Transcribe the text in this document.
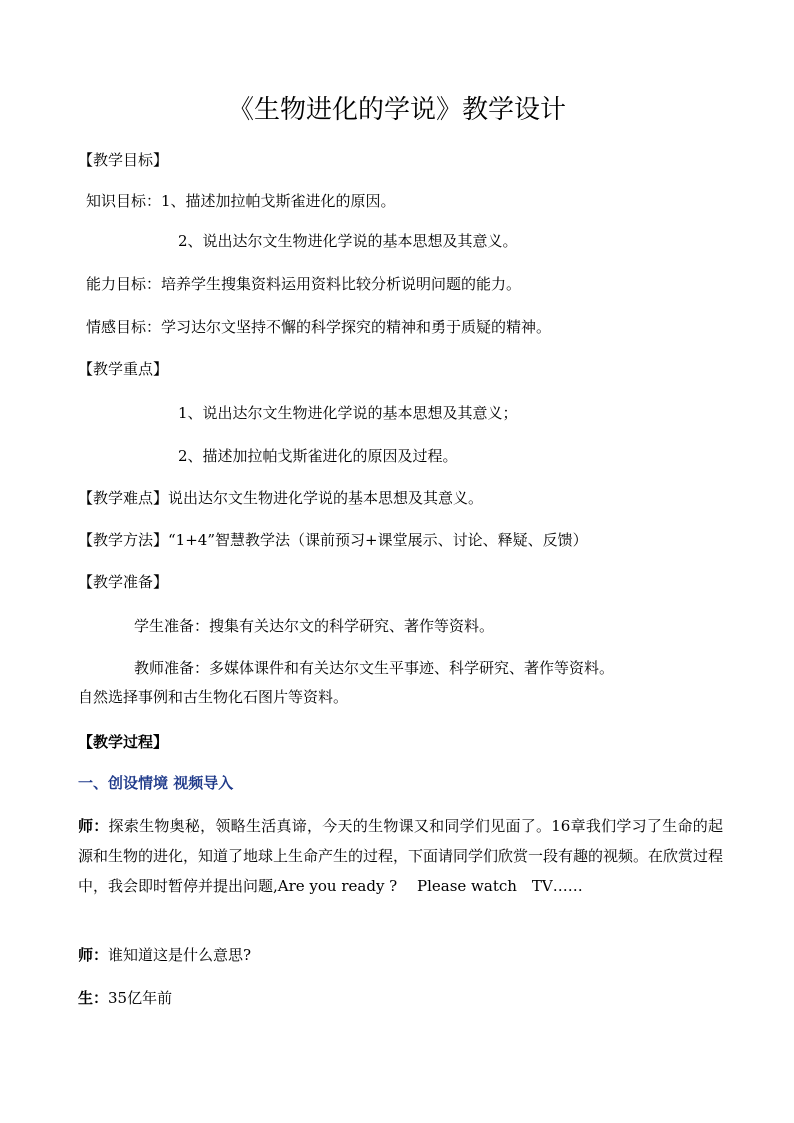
《生物进化的学说》教学设计
【教学目标】
知识目标：1、描述加拉帕戈斯雀进化的原因。
2、说出达尔文生物进化学说的基本思想及其意义。
能力目标：培养学生搜集资料运用资料比较分析说明问题的能力。
情感目标：学习达尔文坚持不懈的科学探究的精神和勇于质疑的精神。
【教学重点】
1、说出达尔文生物进化学说的基本思想及其意义；
2、描述加拉帕戈斯雀进化的原因及过程。
【教学难点】说出达尔文生物进化学说的基本思想及其意义。
【教学方法】“1+4”智慧教学法（课前预习+课堂展示、讨论、释疑、反馈）
【教学准备】
学生准备：搜集有关达尔文的科学研究、著作等资料。
教师准备：多媒体课件和有关达尔文生平事迹、科学研究、著作等资料。
自然选择事例和古生物化石图片等资料。
【教学过程】
一、创设情境 视频导入
师：探索生物奥秘，领略生活真谛，今天的生物课又和同学们见面了。16章我们学习了生命的起源和生物的进化，知道了地球上生命产生的过程，下面请同学们欣赏一段有趣的视频。在欣赏过程中，我会即时暂停并提出问题,Are you ready ?　 Please watch　TV……
师：谁知道这是什么意思?
生：35亿年前
